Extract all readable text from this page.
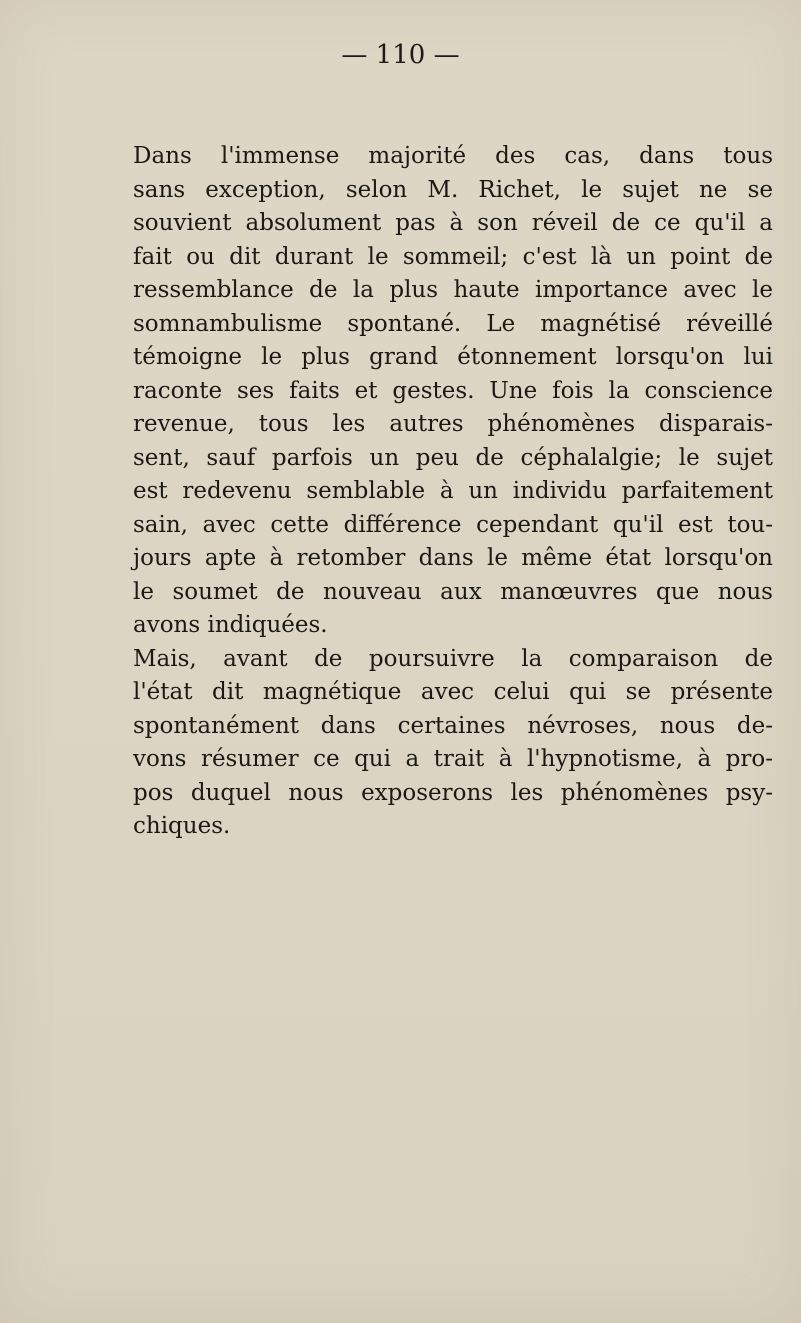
— 110 —
Dans l'immense majorité des cas, dans tous
sans exception, selon M. Richet, le sujet ne se
souvient absolument pas à son réveil de ce qu'il a
fait ou dit durant le sommeil; c'est là un point de
ressemblance de la plus haute importance avec le
somnambulisme spontané. Le magnétisé réveillé
témoigne le plus grand étonnement lorsqu'on lui
raconte ses faits et gestes. Une fois la conscience
revenue, tous les autres phénomènes disparais-
sent, sauf parfois un peu de céphalalgie; le sujet
est redevenu semblable à un individu parfaitement
sain, avec cette différence cependant qu'il est tou-
jours apte à retomber dans le même état lorsqu'on
le soumet de nouveau aux manœuvres que nous
avons indiquées.
Mais, avant de poursuivre la comparaison de
l'état dit magnétique avec celui qui se présente
spontanément dans certaines névroses, nous de-
vons résumer ce qui a trait à l'hypnotisme, à pro-
pos duquel nous exposerons les phénomènes psy-
chiques.
